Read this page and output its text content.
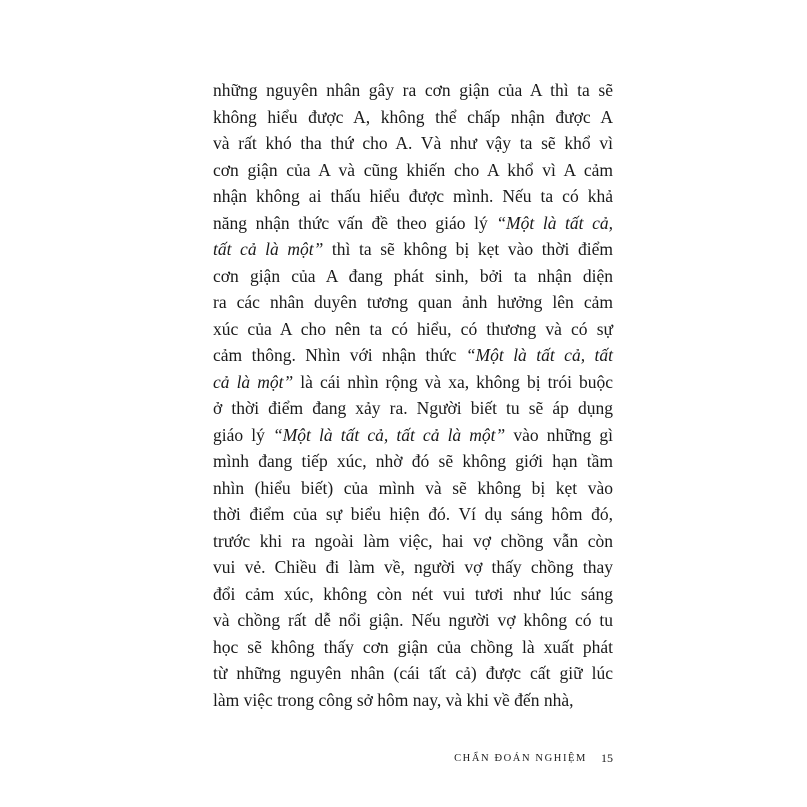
những nguyên nhân gây ra cơn giận của A thì ta sẽ
không hiểu được A, không thể chấp nhận được A
và rất khó tha thứ cho A. Và như vậy ta sẽ khổ vì
cơn giận của A và cũng khiến cho A khổ vì A cảm
nhận không ai thấu hiểu được mình. Nếu ta có khả
năng nhận thức vấn đề theo giáo lý “Một là tất cả,
tất cả là một” thì ta sẽ không bị kẹt vào thời điểm
cơn giận của A đang phát sinh, bởi ta nhận diện
ra các nhân duyên tương quan ảnh hưởng lên cảm
xúc của A cho nên ta có hiểu, có thương và có sự
cảm thông. Nhìn với nhận thức “Một là tất cả, tất
cả là một” là cái nhìn rộng và xa, không bị trói buộc
ở thời điểm đang xảy ra. Người biết tu sẽ áp dụng
giáo lý “Một là tất cả, tất cả là một” vào những gì
mình đang tiếp xúc, nhờ đó sẽ không giới hạn tầm
nhìn (hiểu biết) của mình và sẽ không bị kẹt vào
thời điểm của sự biểu hiện đó. Ví dụ sáng hôm đó,
trước khi ra ngoài làm việc, hai vợ chồng vẫn còn
vui vẻ. Chiều đi làm về, người vợ thấy chồng thay
đổi cảm xúc, không còn nét vui tươi như lúc sáng
và chồng rất dễ nổi giận. Nếu người vợ không có tu
học sẽ không thấy cơn giận của chồng là xuất phát
từ những nguyên nhân (cái tất cả) được cất giữ lúc
làm việc trong công sở hôm nay, và khi về đến nhà,
CHẨN ĐOÁN NGHIỆM 15
